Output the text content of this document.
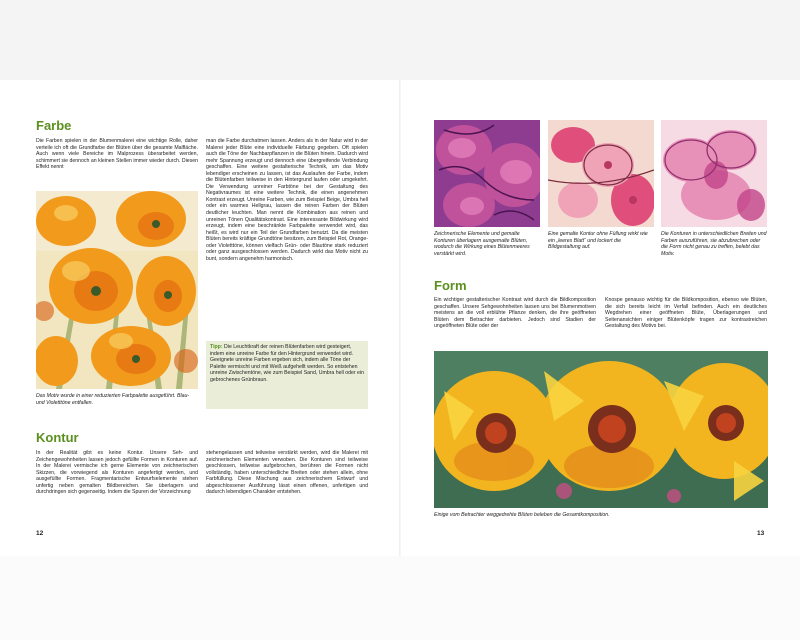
Farbe

Die Farben spielen in der Blumenmalerei eine wichtige Rolle, daher verteile ich oft die Grundfarbe der Blüten über die gesamte Malfläche. Auch wenn viele Bereiche im Malprozess überarbeitet werden, schimmert sie dennoch an kleinen Stellen immer wieder durch. Diesen Effekt nennt

man die Farbe durchatmen lassen. Anders als in der Natur wird in der Malerei jeder Blüte eine individuelle Färbung gegeben. Oft spielen auch die Töne der Nachbarpflanzen in die Blüten hinein. Dadurch wird mehr Spannung erzeugt und dennoch eine übergreifende Verbindung geschaffen. Eine weitere gestalterische Technik, um das Motiv lebendiger erscheinen zu lassen, ist das Auslaufen der Farbe, indem die Blütenfarben teilweise in den Hintergrund laufen oder umgekehrt. Die Verwendung unreiner Farbtöne bei der Gestaltung des Negativraumes ist eine weitere Technik, die einen angenehmen Kontrast erzeugt. Unreine Farben, wie zum Beispiel Beige, Umbra hell oder ein warmes Hellgrau, lassen die reinen Farben der Blüten deutlicher leuchten. Man nennt die Kombination aus reinen und unreinen Tönen Qualitätskontrast. Eine interessante Bildwirkung wird erzeugt, indem eine beschränkte Farbpalette verwendet wird, das heißt, es wird nur ein Teil der Grundfarben benutzt. Da die meisten Blüten bereits kräftige Grundtöne besitzen, zum Beispiel Rot, Orange- oder Violetttöne, können vielfach Grün- oder Blautöne stark reduziert oder ganz ausgeschlossen werden. Dadurch wirkt das Motiv nicht zu bunt, sondern angenehm harmonisch.

Das Motiv wurde in einer reduzierten Farbpalette ausgeführt. Blau- und Violetttöne entfallen.

Tipp: Die Leuchtkraft der reinen Blütenfarben wird gesteigert, indem eine unreine Farbe für den Hintergrund verwendet wird. Geeignete unreine Farben ergeben sich, indem alle Töne der Palette vermischt und mit Weiß aufgehellt werden. So entstehen unreine Zwischentöne, wie zum Beispiel Sand, Umbra hell oder ein gebrochenes Grünbraun.

Kontur

In der Realität gibt es keine Kontur. Unsere Seh- und Zeichengewohnheiten lassen jedoch gefüllte Formen in Konturen auf. In der Malerei vermische ich gerne Elemente von zeichnerischen Skizzen, die vorwiegend als Konturen angefertigt werden, und ausgefüllte Formen. Fragmentarische Entwurfselemente stehen unfertig neben gemalten Bildbereichen. Sie überlagern und durchdringen sich gegenseitig. Indem die Spuren der Vorzeichnung

stehengelassen und teilweise verstärkt werden, wird die Malerei mit zeichnerischen Elementen verwoben. Die Konturen sind teilweise geschlossen, teilweise aufgebrochen, berühren die Formen nicht vollständig, haben unterschiedliche Breiten oder stehen allein, ohne Farbfüllung. Diese Mischung aus zeichnerischem Entwurf und abgeschlossener Ausführung lässt einen offenen, unfertigen und dadurch lebendigen Charakter entstehen.

12

Zeichnerische Elemente und gemalte Konturen überlagern ausgemalte Blüten, wodurch die Wirkung eines Blütenmeeres verstärkt wird.

Eine gemalte Kontur ohne Füllung wirkt wie ein „leeres Blatt“ und lockert die Bildgestaltung auf.

Die Konturen in unterschiedlichen Breiten und Farben auszuführen, sie abzubrechen oder die Form nicht genau zu treffen, belebt das Motiv.

Form

Ein wichtiger gestalterischer Kontrast wird durch die Bildkomposition geschaffen. Unsere Sehgewohnheiten lassen uns bei Blumenmotiven meistens an die voll erblühte Pflanze denken, die ihre geöffneten Blüten dem Betrachter darbieten. Jedoch sind Stadien der ungeöffneten Blüte oder der

Knospe genauso wichtig für die Bildkomposition, ebenso wie Blüten, die sich bereits leicht im Verfall befinden. Auch ein deutliches Wegdrehen einer geöffneten Blüte, Überlagerungen und Seitenansichten einiger Blütenköpfe tragen zur kontrastreichen Gestaltung des Motivs bei.

Einige vom Betrachter weggedrehte Blüten beleben die Gesamtkomposition.

13
